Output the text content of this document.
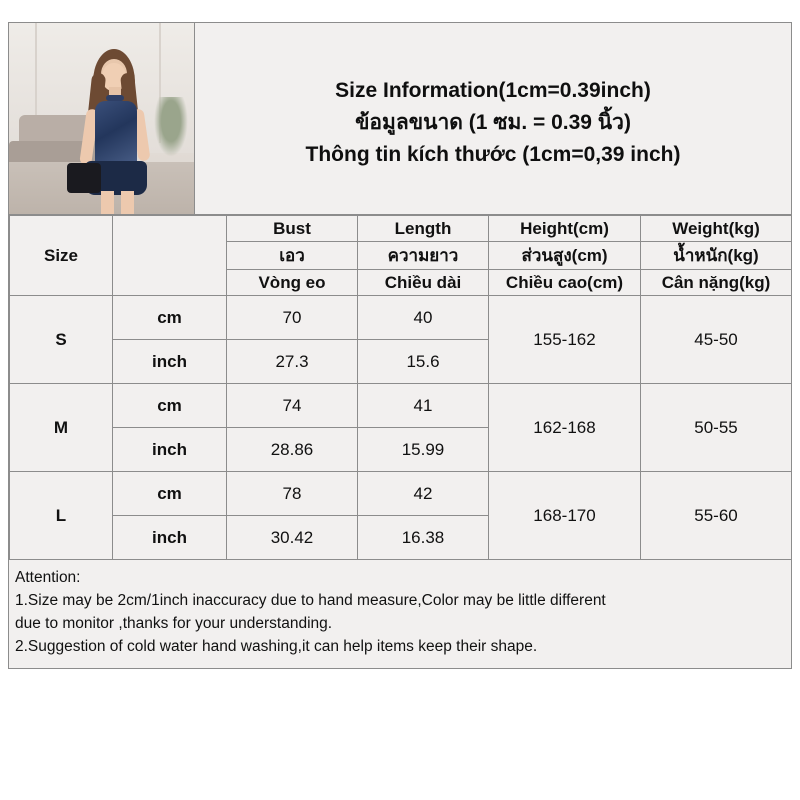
Size Information(1cm=0.39inch)
ข้อมูลขนาด (1 ซม. = 0.39 นิ้ว)
Thông tin kích thước (1cm=0,39 inch)
Size		Bust	Length	Height(cm)	Weight(kg)
		เอว	ความยาว	ส่วนสูง(cm)	น้ำหนัก(kg)
		Vòng eo	Chiều dài	Chiều cao(cm)	Cân nặng(kg)
S	cm	70	40	155-162	45-50
	inch	27.3	15.6		
M	cm	74	41	162-168	50-55
	inch	28.86	15.99		
L	cm	78	42	168-170	55-60
	inch	30.42	16.38		
Attention:
1.Size may be 2cm/1inch inaccuracy due to hand measure,Color may be little different
due to monitor ,thanks for your understanding.
2.Suggestion of cold water hand washing,it can help items keep their shape.
